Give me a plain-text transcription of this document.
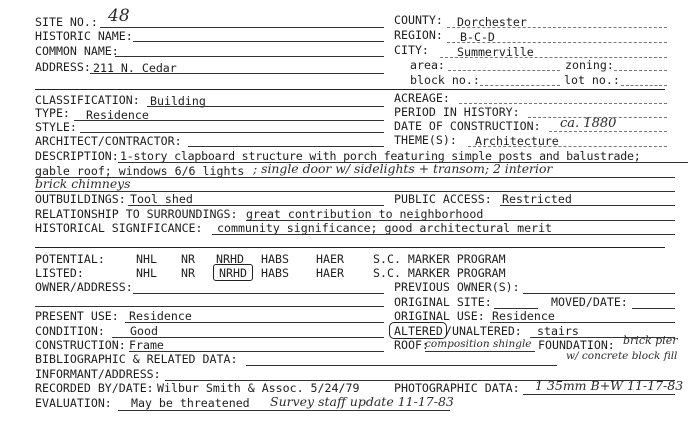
SITE NO.: 48
HISTORIC NAME:
COMMON NAME:
ADDRESS: 211 N. Cedar
COUNTY: Dorchester
REGION: B-C-D
CITY: Summerville
area:	zoning:
block no.:	lot no.:
CLASSIFICATION: Building
TYPE: Residence
STYLE:
ARCHITECT/CONTRACTOR:
ACREAGE:
PERIOD IN HISTORY:
DATE OF CONSTRUCTION: ca. 1880
THEME(S): Architecture
DESCRIPTION: 1-story clapboard structure with porch featuring simple posts and balustrade;
gable roof; windows 6/6 lights ; single door w/ sidelights + transom; 2 interior
brick chimneys
OUTBUILDINGS: Tool shed	PUBLIC ACCESS: Restricted
RELATIONSHIP TO SURROUNDINGS: great contribution to neighborhood
HISTORICAL SIGNIFICANCE: community significance; good architectural merit
POTENTIAL:	NHL NR NRHD HABS HAER	S.C. MARKER PROGRAM
LISTED:	NHL NR NRHD HABS HAER	S.C. MARKER PROGRAM
OWNER/ADDRESS:	PREVIOUS OWNER(S):
ORIGINAL SITE:	MOVED/DATE:
PRESENT USE: Residence
CONDITION: Good
CONSTRUCTION: Frame
ORIGINAL USE: Residence
ALTERED /UNALTERED: stairs
ROOF:
composition shingle FOUNDATION: brick pier
w/ concrete block fill
BIBLIOGRAPHIC & RELATED DATA:
INFORMANT/ADDRESS:
RECORDED BY/DATE: Wilbur Smith & Assoc. 5/24/79	PHOTOGRAPHIC DATA: 1 35mm B+W 11-17-83
EVALUATION: May be threatened Survey staff update 11-17-83
